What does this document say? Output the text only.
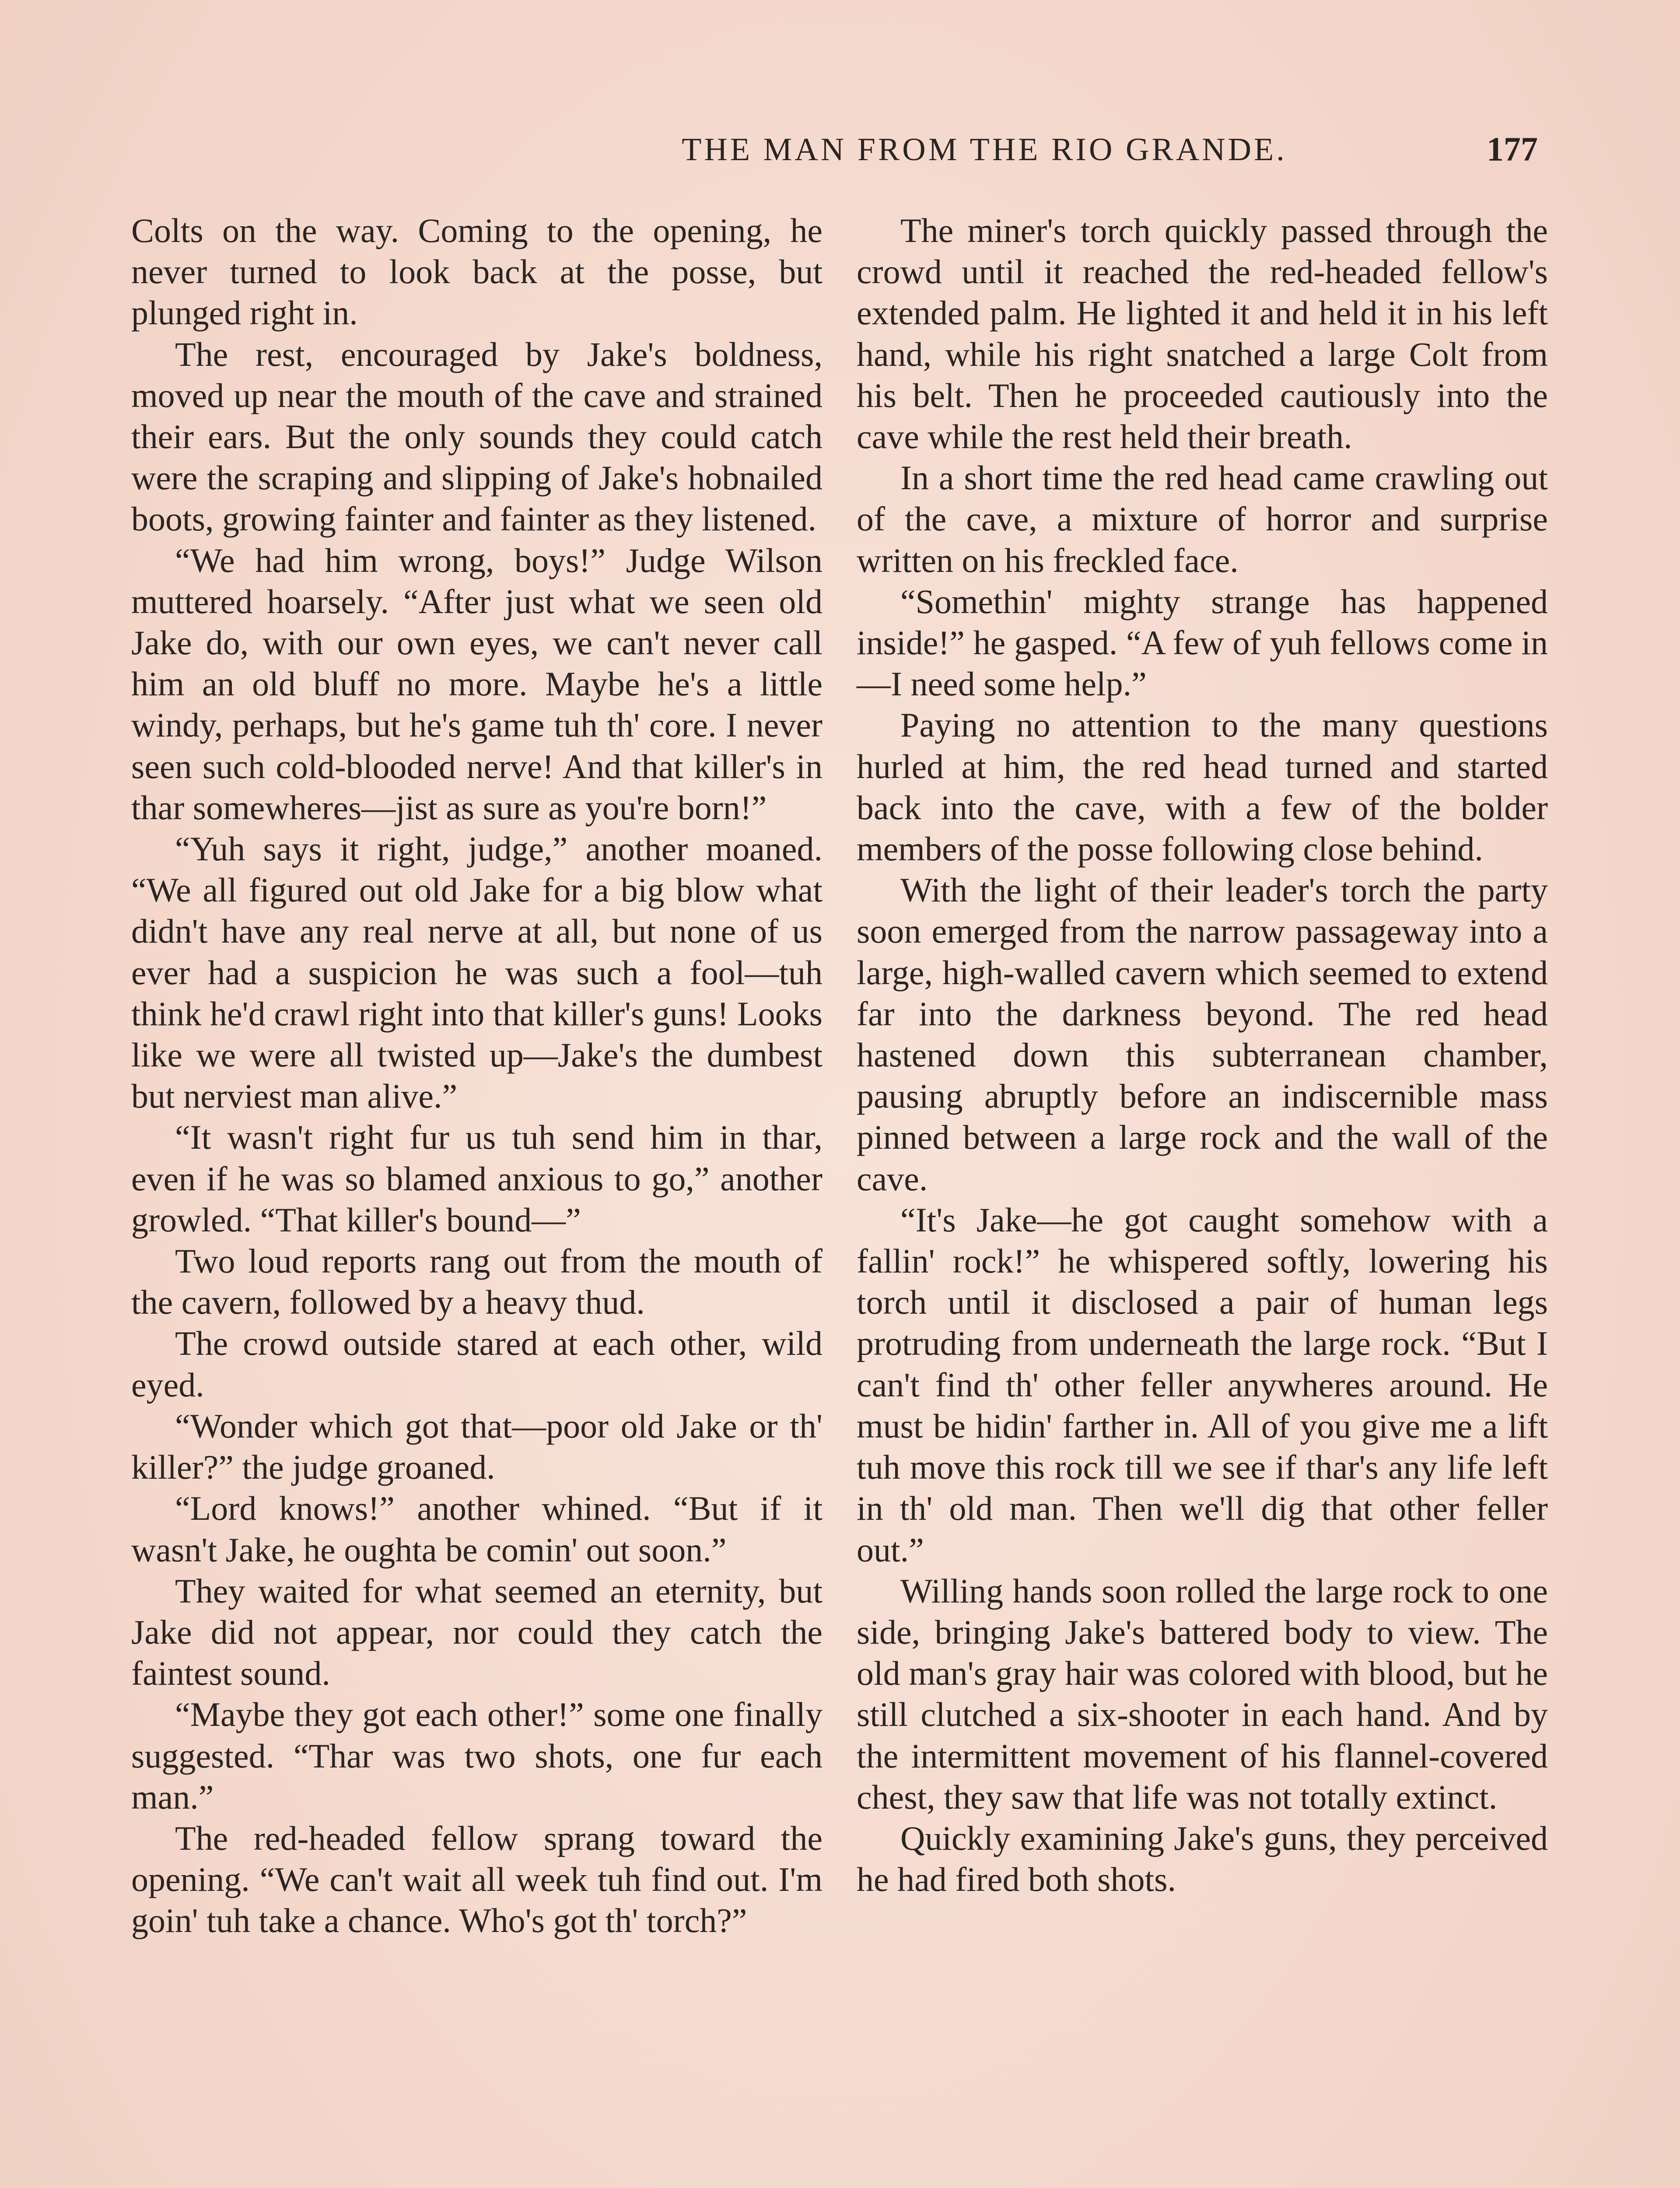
THE MAN FROM THE RIO GRANDE.	177

Colts on the way. Coming to the opening, he never turned to look back at the posse, but plunged right in.

The rest, encouraged by Jake's boldness, moved up near the mouth of the cave and strained their ears. But the only sounds they could catch were the scraping and slipping of Jake's hobnailed boots, growing fainter and fainter as they listened.

“We had him wrong, boys!” Judge Wilson muttered hoarsely. “After just what we seen old Jake do, with our own eyes, we can't never call him an old bluff no more. Maybe he's a little windy, perhaps, but he's game tuh th' core. I never seen such cold-blooded nerve! And that killer's in thar somewheres—jist as sure as you're born!”

“Yuh says it right, judge,” another moaned. “We all figured out old Jake for a big blow what didn't have any real nerve at all, but none of us ever had a suspicion he was such a fool—tuh think he'd crawl right into that killer's guns! Looks like we were all twisted up—Jake's the dumbest but nerviest man alive.”

“It wasn't right fur us tuh send him in thar, even if he was so blamed anxious to go,” another growled. “That killer's bound—”

Two loud reports rang out from the mouth of the cavern, followed by a heavy thud.

The crowd outside stared at each other, wild eyed.

“Wonder which got that—poor old Jake or th' killer?” the judge groaned.

“Lord knows!” another whined. “But if it wasn't Jake, he oughta be comin' out soon.”

They waited for what seemed an eternity, but Jake did not appear, nor could they catch the faintest sound.

“Maybe they got each other!” some one finally suggested. “Thar was two shots, one fur each man.”

The red-headed fellow sprang toward the opening. “We can't wait all week tuh find out. I'm goin' tuh take a chance. Who's got th' torch?”

The miner's torch quickly passed through the crowd until it reached the red-headed fellow's extended palm. He lighted it and held it in his left hand, while his right snatched a large Colt from his belt. Then he proceeded cautiously into the cave while the rest held their breath.

In a short time the red head came crawling out of the cave, a mixture of horror and surprise written on his freckled face.

“Somethin' mighty strange has happened inside!” he gasped. “A few of yuh fellows come in—I need some help.”

Paying no attention to the many questions hurled at him, the red head turned and started back into the cave, with a few of the bolder members of the posse following close behind.

With the light of their leader's torch the party soon emerged from the narrow passageway into a large, high-walled cavern which seemed to extend far into the darkness beyond. The red head hastened down this subterranean chamber, pausing abruptly before an indiscernible mass pinned between a large rock and the wall of the cave.

“It's Jake—he got caught somehow with a fallin' rock!” he whispered softly, lowering his torch until it disclosed a pair of human legs protruding from underneath the large rock. “But I can't find th' other feller anywheres around. He must be hidin' farther in. All of you give me a lift tuh move this rock till we see if thar's any life left in th' old man. Then we'll dig that other feller out.”

Willing hands soon rolled the large rock to one side, bringing Jake's battered body to view. The old man's gray hair was colored with blood, but he still clutched a six-shooter in each hand. And by the intermittent movement of his flannel-covered chest, they saw that life was not totally extinct.

Quickly examining Jake's guns, they perceived he had fired both shots.
